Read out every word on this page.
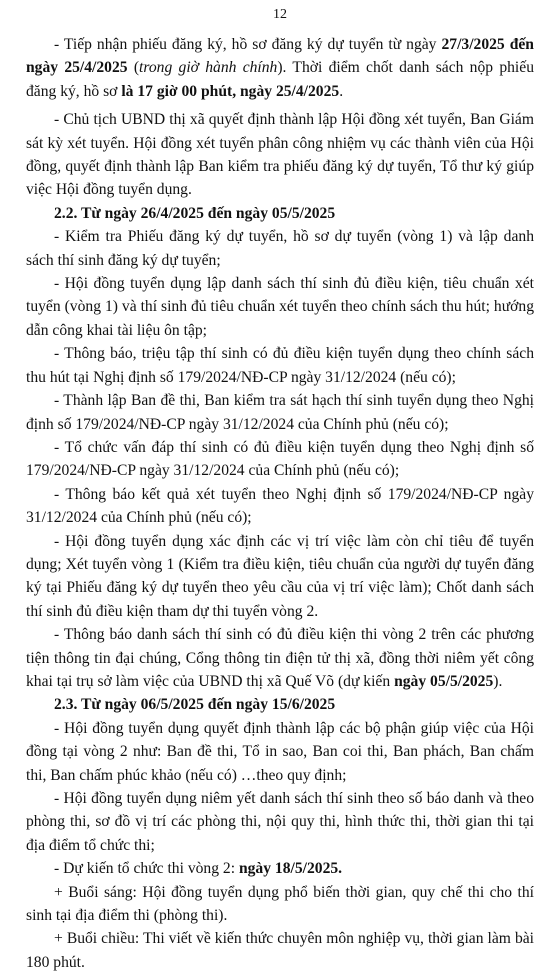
12

- Tiếp nhận phiếu đăng ký, hồ sơ đăng ký dự tuyển từ ngày 27/3/2025 đến ngày 25/4/2025 (trong giờ hành chính). Thời điểm chốt danh sách nộp phiếu đăng ký, hồ sơ là 17 giờ 00 phút, ngày 25/4/2025.

- Chủ tịch UBND thị xã quyết định thành lập Hội đồng xét tuyển, Ban Giám sát kỳ xét tuyển. Hội đồng xét tuyển phân công nhiệm vụ các thành viên của Hội đồng, quyết định thành lập Ban kiểm tra phiếu đăng ký dự tuyển, Tổ thư ký giúp việc Hội đồng tuyển dụng.

2.2. Từ ngày 26/4/2025 đến ngày 05/5/2025

- Kiểm tra Phiếu đăng ký dự tuyển, hồ sơ dự tuyển (vòng 1) và lập danh sách thí sinh đăng ký dự tuyển;

- Hội đồng tuyển dụng lập danh sách thí sinh đủ điều kiện, tiêu chuẩn xét tuyển (vòng 1) và thí sinh đủ tiêu chuẩn xét tuyển theo chính sách thu hút; hướng dẫn công khai tài liệu ôn tập;

- Thông báo, triệu tập thí sinh có đủ điều kiện tuyển dụng theo chính sách thu hút tại Nghị định số 179/2024/NĐ-CP ngày 31/12/2024 (nếu có);

- Thành lập Ban đề thi, Ban kiểm tra sát hạch thí sinh tuyển dụng theo Nghị định số 179/2024/NĐ-CP ngày 31/12/2024 của Chính phủ (nếu có);

- Tổ chức vấn đáp thí sinh có đủ điều kiện tuyển dụng theo Nghị định số 179/2024/NĐ-CP ngày 31/12/2024 của Chính phủ (nếu có);

- Thông báo kết quả xét tuyển theo Nghị định số 179/2024/NĐ-CP ngày 31/12/2024 của Chính phủ (nếu có);

- Hội đồng tuyển dụng xác định các vị trí việc làm còn chỉ tiêu để tuyển dụng; Xét tuyển vòng 1 (Kiểm tra điều kiện, tiêu chuẩn của người dự tuyển đăng ký tại Phiếu đăng ký dự tuyển theo yêu cầu của vị trí việc làm); Chốt danh sách thí sinh đủ điều kiện tham dự thi tuyển vòng 2.

- Thông báo danh sách thí sinh có đủ điều kiện thi vòng 2 trên các phương tiện thông tin đại chúng, Cổng thông tin điện tử thị xã, đồng thời niêm yết công khai tại trụ sở làm việc của UBND thị xã Quế Võ (dự kiến ngày 05/5/2025).

2.3. Từ ngày 06/5/2025 đến ngày 15/6/2025

- Hội đồng tuyển dụng quyết định thành lập các bộ phận giúp việc của Hội đồng tại vòng 2 như: Ban đề thi, Tổ in sao, Ban coi thi, Ban phách, Ban chấm thi, Ban chấm phúc khảo (nếu có) …theo quy định;

- Hội đồng tuyển dụng niêm yết danh sách thí sinh theo số báo danh và theo phòng thi, sơ đồ vị trí các phòng thi, nội quy thi, hình thức thi, thời gian thi tại địa điểm tổ chức thi;

- Dự kiến tổ chức thi vòng 2: ngày 18/5/2025.

+ Buổi sáng: Hội đồng tuyển dụng phổ biến thời gian, quy chế thi cho thí sinh tại địa điểm thi (phòng thi).

+ Buổi chiều: Thi viết về kiến thức chuyên môn nghiệp vụ, thời gian làm bài 180 phút.
